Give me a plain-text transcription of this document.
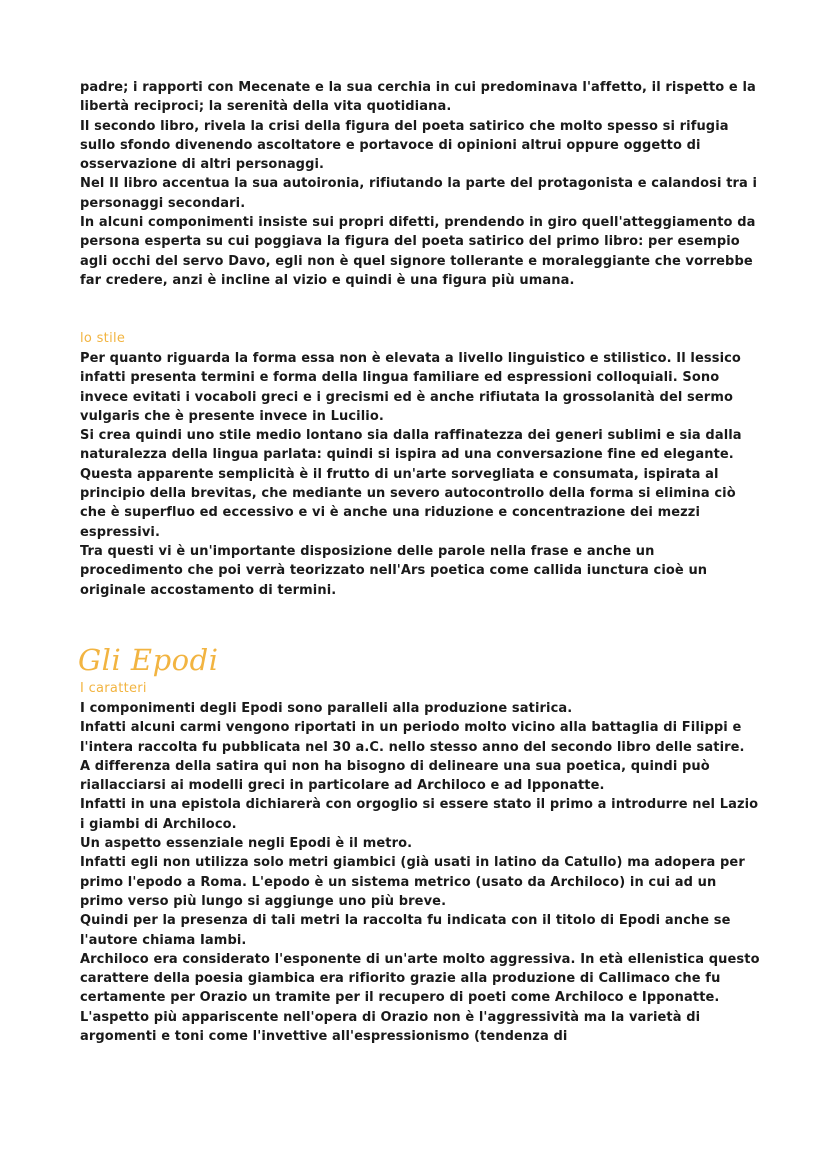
padre; i rapporti con Mecenate e la sua cerchia in cui predominava l'affetto, il rispetto e la libertà reciproci; la serenità della vita quotidiana.

Il secondo libro, rivela la crisi della figura del poeta satirico che molto spesso si rifugia sullo sfondo divenendo ascoltatore e portavoce di opinioni altrui oppure oggetto di osservazione di altri personaggi.

Nel II libro accentua la sua autoironia, rifiutando la parte del protagonista e calandosi tra i personaggi secondari.

In alcuni componimenti insiste sui propri difetti, prendendo in giro quell'atteggiamento da persona esperta su cui poggiava la figura del poeta satirico del primo libro: per esempio agli occhi del servo Davo, egli non è quel signore tollerante e moraleggiante che vorrebbe far credere, anzi è incline al vizio e quindi è una figura più umana.

lo stile

Per quanto riguarda la forma essa non è elevata a livello linguistico e stilistico. Il lessico infatti presenta termini e forma della lingua familiare ed espressioni colloquiali. Sono invece evitati i vocaboli greci e i grecismi ed è anche rifiutata la grossolanità del sermo vulgaris che è presente invece in Lucilio.

Si crea quindi uno stile medio lontano sia dalla raffinatezza dei generi sublimi e sia dalla naturalezza della lingua parlata: quindi si ispira ad una conversazione fine ed elegante.

Questa apparente semplicità è il frutto di un'arte sorvegliata e consumata, ispirata al principio della brevitas, che mediante un severo autocontrollo della forma si elimina ciò che è superfluo ed eccessivo e vi è anche una riduzione e concentrazione dei mezzi espressivi.

Tra questi vi è un'importante disposizione delle parole nella frase e anche un procedimento che poi verrà teorizzato nell'Ars poetica come callida iunctura cioè un originale accostamento di termini.

Gli Epodi
I caratteri

I componimenti degli Epodi sono paralleli alla produzione satirica.

Infatti alcuni carmi vengono riportati in un periodo molto vicino alla battaglia di Filippi e l'intera raccolta fu pubblicata nel 30 a.C. nello stesso anno del secondo libro delle satire.

A differenza della satira qui non ha bisogno di delineare una sua poetica, quindi può riallacciarsi ai modelli greci in particolare ad Archiloco e ad Ipponatte.

Infatti in una epistola dichiarerà con orgoglio si essere stato il primo a introdurre nel Lazio i giambi di Archiloco.

Un aspetto essenziale negli Epodi è il metro.

Infatti egli non utilizza solo metri giambici (già usati in latino da Catullo) ma adopera per primo l'epodo a Roma. L'epodo è un sistema metrico (usato da Archiloco) in cui ad un primo verso più lungo si aggiunge uno più breve.

Quindi per la presenza di tali metri la raccolta fu indicata con il titolo di Epodi anche se l'autore chiama Iambi.

Archiloco era considerato l'esponente di un'arte molto aggressiva. In età ellenistica questo carattere della poesia giambica era rifiorito grazie alla produzione di Callimaco che fu certamente per Orazio un tramite per il recupero di poeti come Archiloco e Ipponatte.

L'aspetto più appariscente nell'opera di Orazio non è l'aggressività ma la varietà di argomenti e toni come l'invettive all'espressionismo (tendenza di
